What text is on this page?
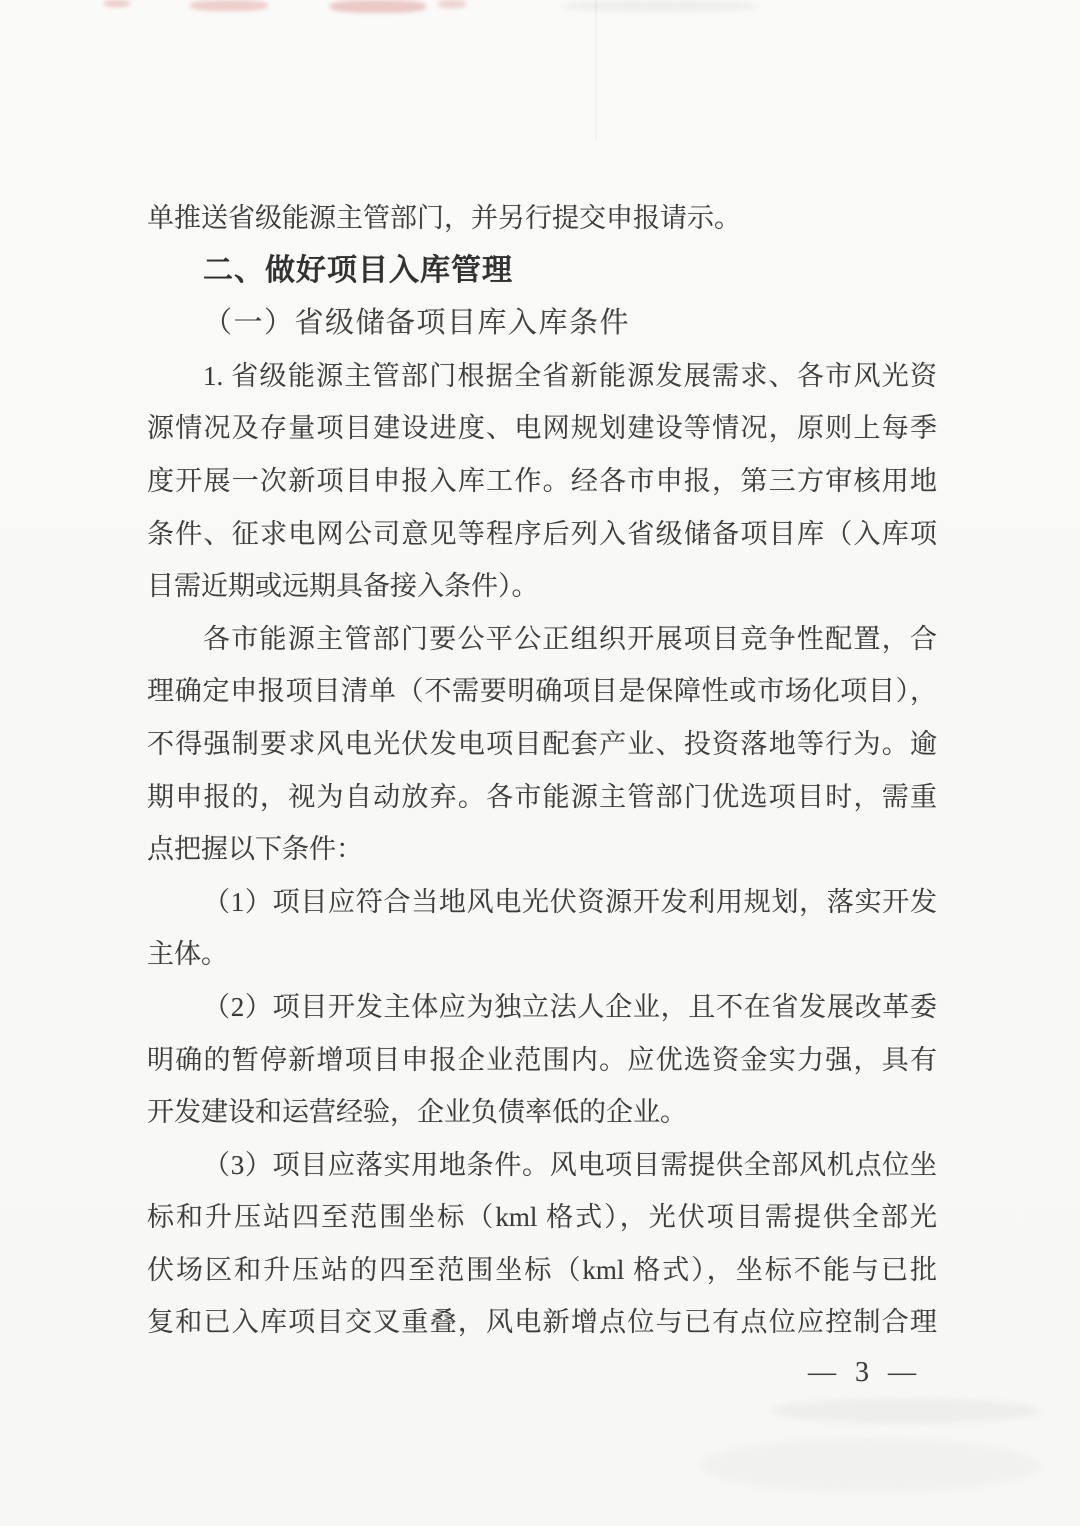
单推送省级能源主管部门，并另行提交申报请示。

二、做好项目入库管理

（一）省级储备项目库入库条件

1. 省级能源主管部门根据全省新能源发展需求、各市风光资

源情况及存量项目建设进度、电网规划建设等情况，原则上每季

度开展一次新项目申报入库工作。经各市申报，第三方审核用地

条件、征求电网公司意见等程序后列入省级储备项目库（入库项

目需近期或远期具备接入条件）。

各市能源主管部门要公平公正组织开展项目竞争性配置，合

理确定申报项目清单（不需要明确项目是保障性或市场化项目），

不得强制要求风电光伏发电项目配套产业、投资落地等行为。逾

期申报的，视为自动放弃。各市能源主管部门优选项目时，需重

点把握以下条件：

（1）项目应符合当地风电光伏资源开发利用规划，落实开发

主体。

（2）项目开发主体应为独立法人企业，且不在省发展改革委

明确的暂停新增项目申报企业范围内。应优选资金实力强，具有

开发建设和运营经验，企业负债率低的企业。

（3）项目应落实用地条件。风电项目需提供全部风机点位坐

标和升压站四至范围坐标（kml 格式），光伏项目需提供全部光

伏场区和升压站的四至范围坐标（kml 格式），坐标不能与已批

复和已入库项目交叉重叠，风电新增点位与已有点位应控制合理

— 3 —
